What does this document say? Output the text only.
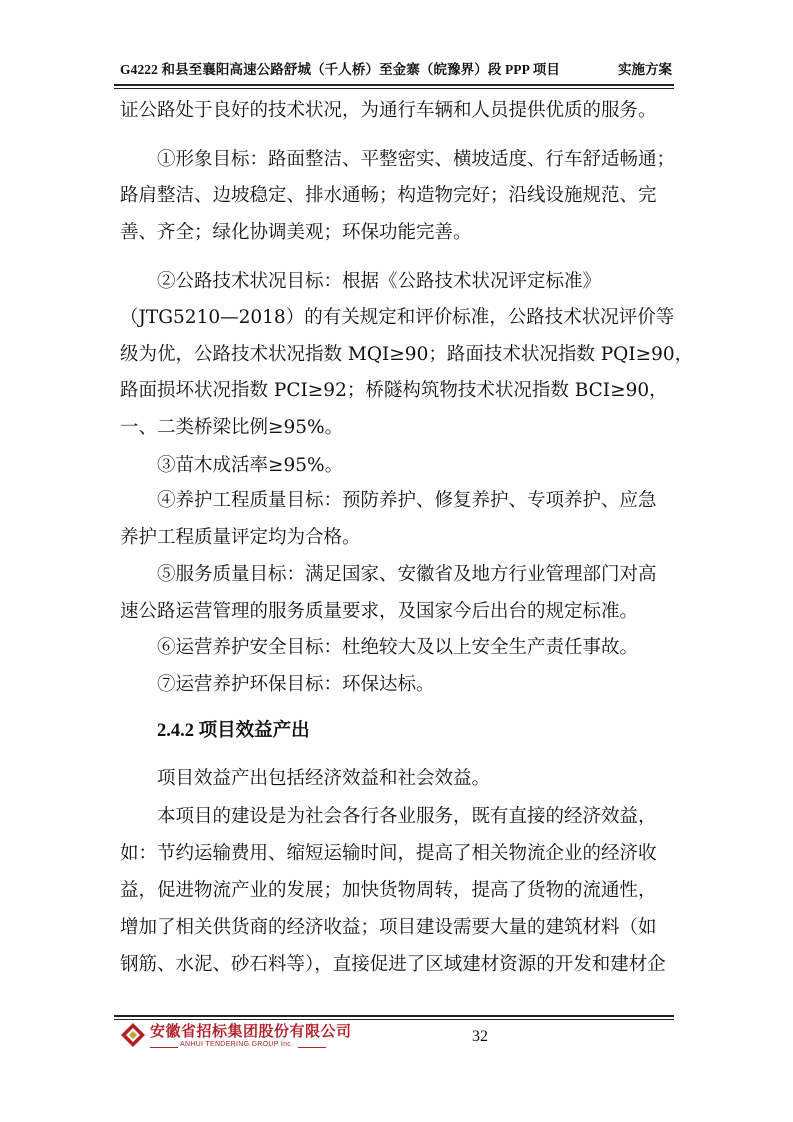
G4222 和县至襄阳高速公路舒城（千人桥）至金寨（皖豫界）段 PPP 项目	实施方案
证公路处于良好的技术状况，为通行车辆和人员提供优质的服务。
①形象目标：路面整洁、平整密实、横坡适度、行车舒适畅通；
路肩整洁、边坡稳定、排水通畅；构造物完好；沿线设施规范、完
善、齐全；绿化协调美观；环保功能完善。
②公路技术状况目标：根据《公路技术状况评定标准》
（JTG5210—2018）的有关规定和评价标准，公路技术状况评价等
级为优，公路技术状况指数 MQI≥90；路面技术状况指数 PQI≥90，
路面损坏状况指数 PCI≥92；桥隧构筑物技术状况指数 BCI≥90，
一、二类桥梁比例≥95%。
③苗木成活率≥95%。
④养护工程质量目标：预防养护、修复养护、专项养护、应急
养护工程质量评定均为合格。
⑤服务质量目标：满足国家、安徽省及地方行业管理部门对高
速公路运营管理的服务质量要求，及国家今后出台的规定标准。
⑥运营养护安全目标：杜绝较大及以上安全生产责任事故。
⑦运营养护环保目标：环保达标。
2.4.2 项目效益产出
项目效益产出包括经济效益和社会效益。
本项目的建设是为社会各行各业服务，既有直接的经济效益，
如：节约运输费用、缩短运输时间，提高了相关物流企业的经济收
益，促进物流产业的发展；加快货物周转，提高了货物的流通性，
增加了相关供货商的经济收益；项目建设需要大量的建筑材料（如
钢筋、水泥、砂石料等），直接促进了区域建材资源的开发和建材企
安徽省招标集团股份有限公司
ANHUI TENDERING GROUP Inc.	32
